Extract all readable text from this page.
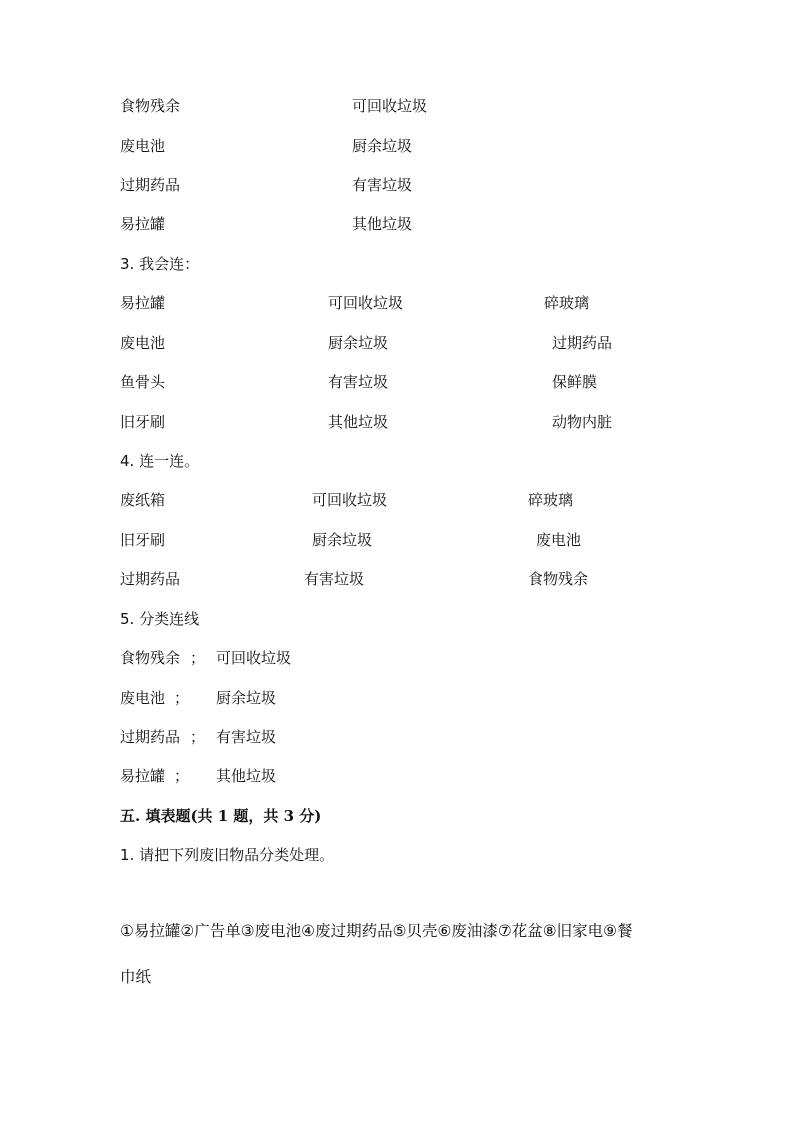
食物残余	可回收垃圾
废电池	厨余垃圾
过期药品	有害垃圾
易拉罐	其他垃圾
3. 我会连：
易拉罐	可回收垃圾	碎玻璃
废电池	厨余垃圾	过期药品
鱼骨头	有害垃圾	保鲜膜
旧牙刷	其他垃圾	动物内脏
4. 连一连。
废纸箱	可回收垃圾	碎玻璃
旧牙刷	厨余垃圾	废电池
过期药品	有害垃圾	食物残余
5. 分类连线
食物残余 ； 可回收垃圾
废电池 ； 厨余垃圾
过期药品 ； 有害垃圾
易拉罐 ； 其他垃圾
五. 填表题(共 1 题，共 3 分)
1. 请把下列废旧物品分类处理。
①易拉罐②广告单③废电池④废过期药品⑤贝壳⑥废油漆⑦花盆⑧旧家电⑨餐
巾纸
